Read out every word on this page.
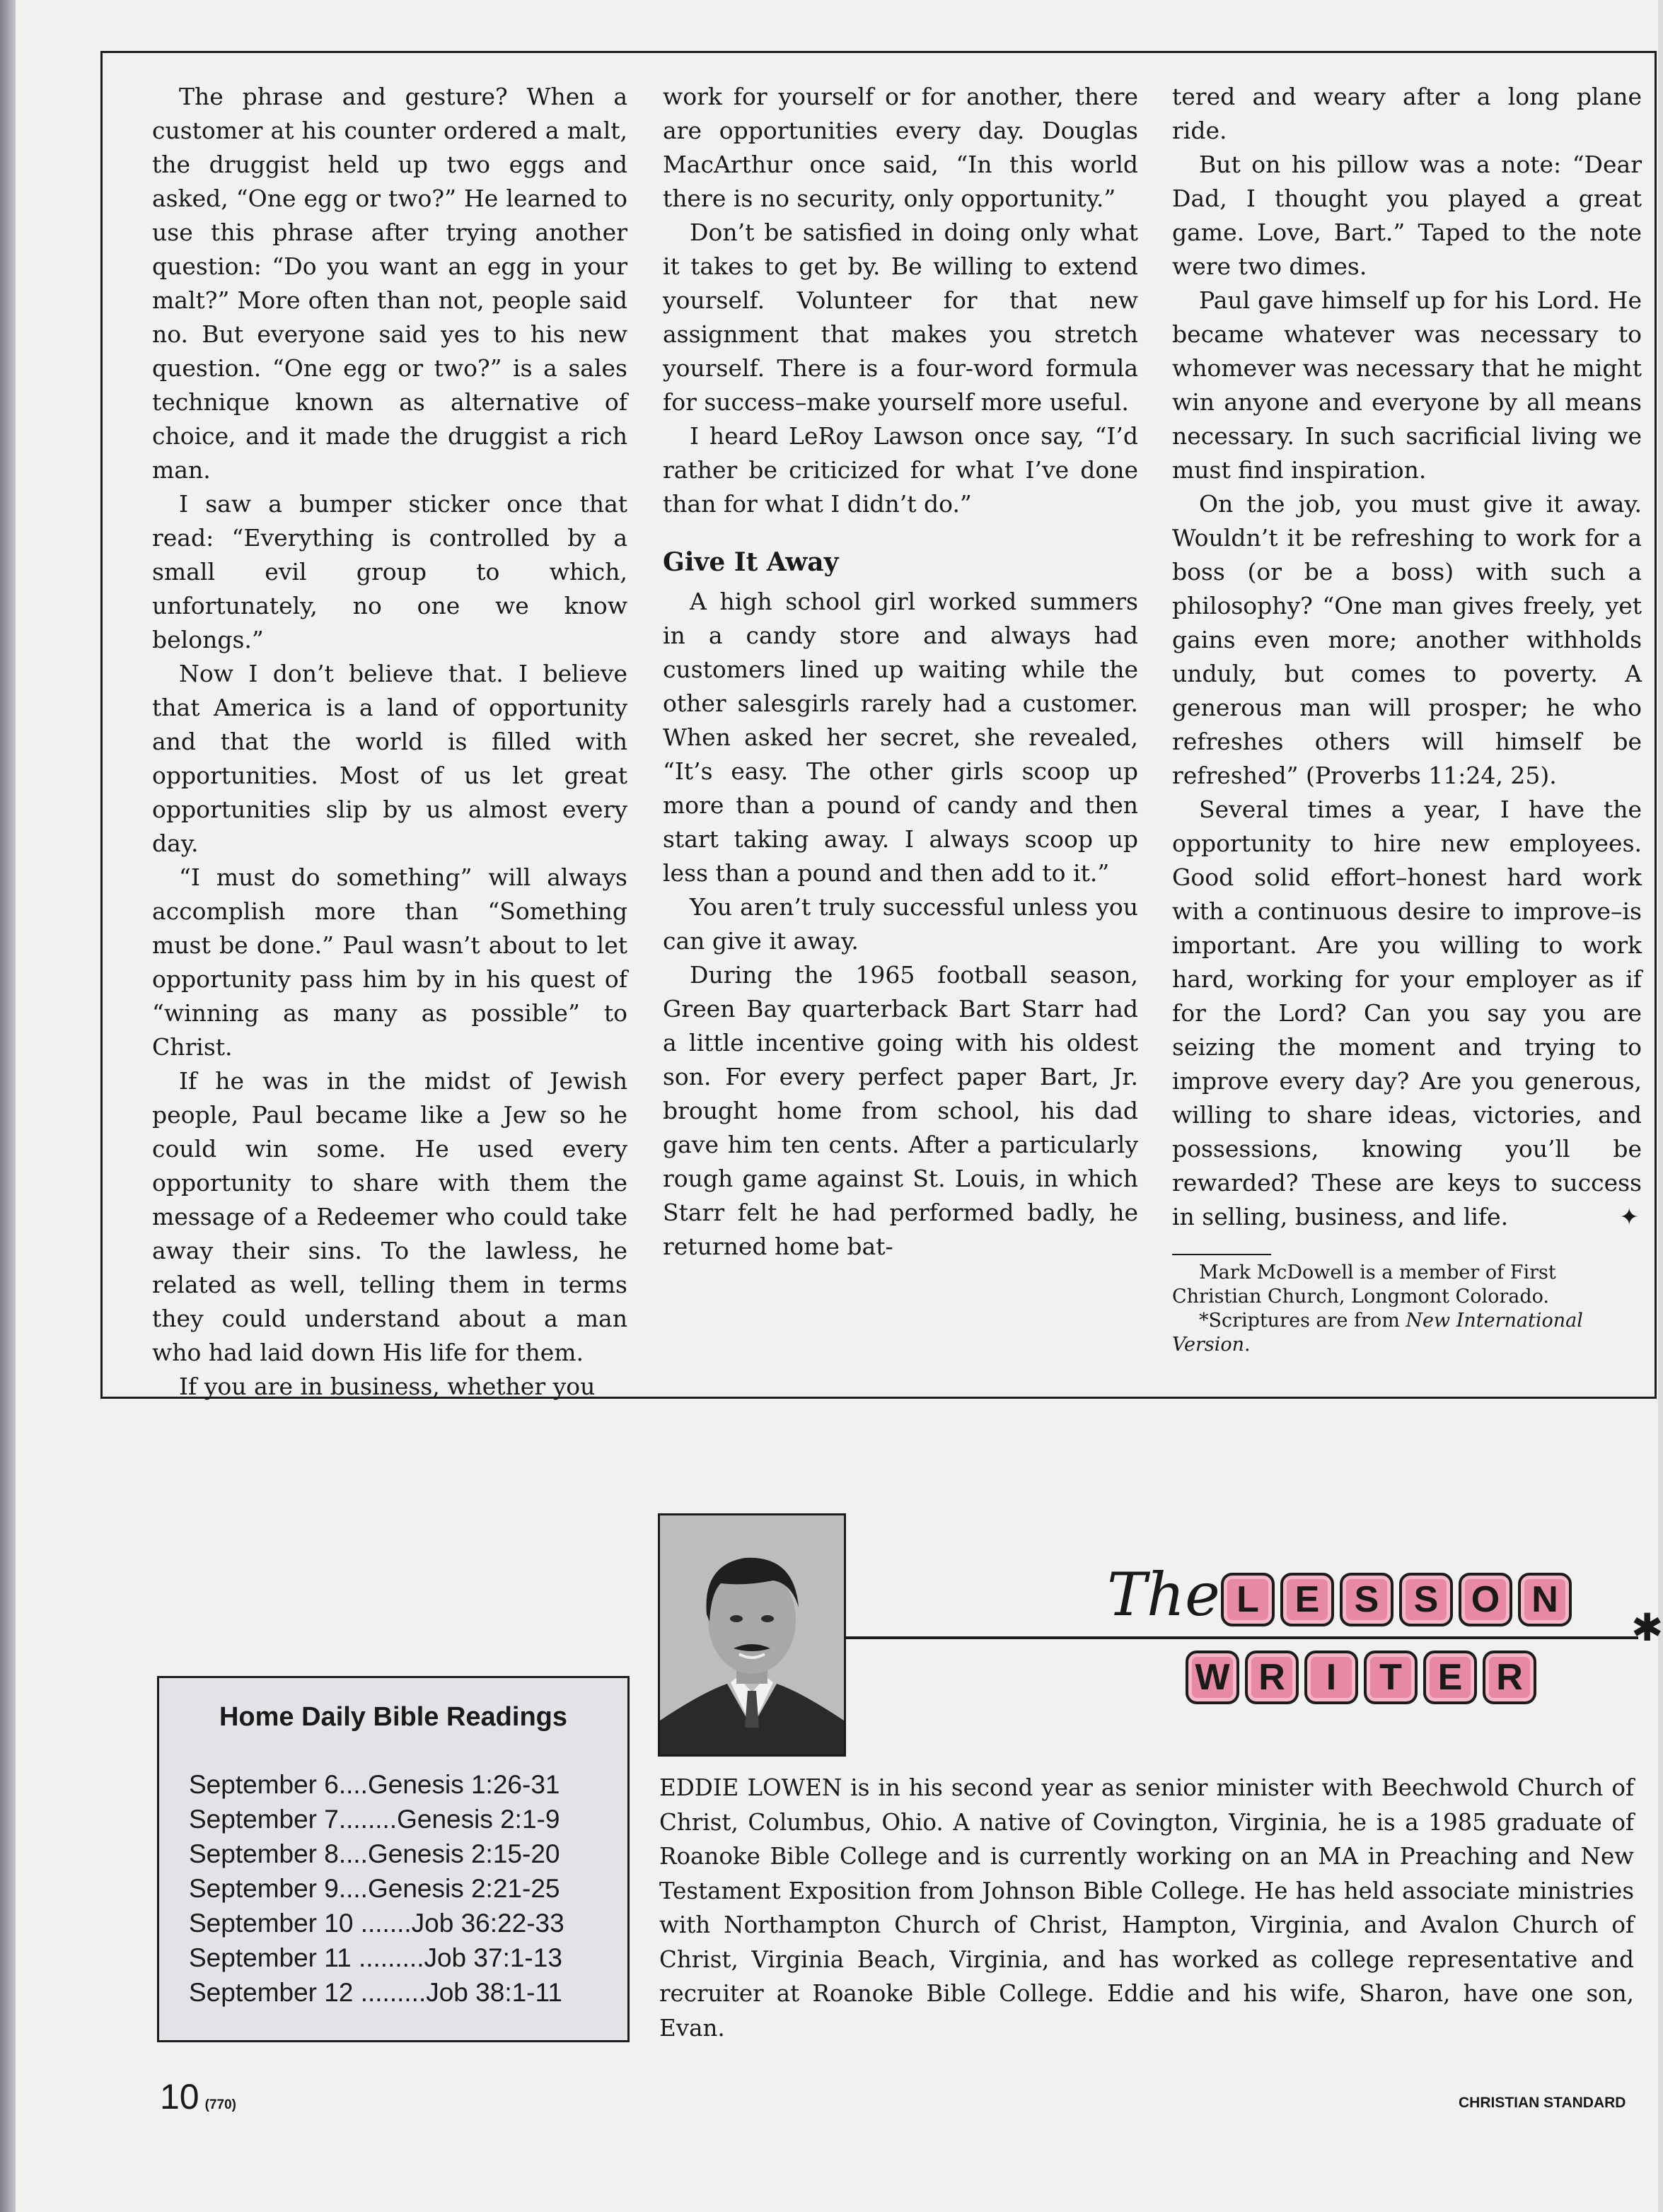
The phrase and gesture? When a customer at his counter ordered a malt, the druggist held up two eggs and asked, “One egg or two?” He learned to use this phrase after trying another question: “Do you want an egg in your malt?” More often than not, people said no. But everyone said yes to his new question. “One egg or two?” is a sales technique known as alternative of choice, and it made the druggist a rich man.

I saw a bumper sticker once that read: “Everything is controlled by a small evil group to which, unfortunately, no one we know belongs.”

Now I don’t believe that. I believe that America is a land of opportunity and that the world is filled with opportunities. Most of us let great opportunities slip by us almost every day.

“I must do something” will always accomplish more than “Something must be done.” Paul wasn’t about to let opportunity pass him by in his quest of “winning as many as possible” to Christ.

If he was in the midst of Jewish people, Paul became like a Jew so he could win some. He used every opportunity to share with them the message of a Redeemer who could take away their sins. To the lawless, he related as well, telling them in terms they could understand about a man who had laid down His life for them.

If you are in business, whether you

work for yourself or for another, there are opportunities every day. Douglas MacArthur once said, “In this world there is no security, only opportunity.”

Don’t be satisfied in doing only what it takes to get by. Be willing to extend yourself. Volunteer for that new assignment that makes you stretch yourself. There is a four-word formula for success–make yourself more useful.

I heard LeRoy Lawson once say, “I’d rather be criticized for what I’ve done than for what I didn’t do.”

Give It Away

A high school girl worked summers in a candy store and always had customers lined up waiting while the other salesgirls rarely had a customer. When asked her secret, she revealed, “It’s easy. The other girls scoop up more than a pound of candy and then start taking away. I always scoop up less than a pound and then add to it.”

You aren’t truly successful unless you can give it away.

During the 1965 football season, Green Bay quarterback Bart Starr had a little incentive going with his oldest son. For every perfect paper Bart, Jr. brought home from school, his dad gave him ten cents. After a particularly rough game against St. Louis, in which Starr felt he had performed badly, he returned home bat-

tered and weary after a long plane ride.

But on his pillow was a note: “Dear Dad, I thought you played a great game. Love, Bart.” Taped to the note were two dimes.

Paul gave himself up for his Lord. He became whatever was necessary to whomever was necessary that he might win anyone and everyone by all means necessary. In such sacrificial living we must find inspiration.

On the job, you must give it away. Wouldn’t it be refreshing to work for a boss (or be a boss) with such a philosophy? “One man gives freely, yet gains even more; another withholds unduly, but comes to poverty. A generous man will prosper; he who refreshes others will himself be refreshed” (Proverbs 11:24, 25).

Several times a year, I have the opportunity to hire new employees. Good solid effort–honest hard work with a continuous desire to improve–is important. Are you willing to work hard, working for your employer as if for the Lord? Can you say you are seizing the moment and trying to improve every day? Are you generous, willing to share ideas, victories, and possessions, knowing you’ll be rewarded? These are keys to success in selling, business, and life.	✦

Mark McDowell is a member of First Christian Church, Longmont Colorado.
*Scriptures are from New International Version.
Home Daily Bible Readings
September 6....Genesis 1:26-31
September 7........Genesis 2:1-9
September 8....Genesis 2:15-20
September 9....Genesis 2:21-25
September 10 .......Job 36:22-33
September 11 .........Job 37:1-13
September 12 .........Job 38:1-11
The L E S S O N
✱
W R	I	T E R

EDDIE LOWEN is in his second year as senior minister with Beechwold Church of Christ, Columbus, Ohio. A native of Covington, Virginia, he is a 1985 graduate of Roanoke Bible College and is currently working on an MA in Preaching and New Testament Exposition from Johnson Bible College. He has held associate ministries with Northampton Church of Christ, Hampton, Virginia, and Avalon Church of Christ, Virginia Beach, Virginia, and has worked as college representative and recruiter at Roanoke Bible College. Eddie and his wife, Sharon, have one son, Evan.

10 (770)	CHRISTIAN STANDARD
